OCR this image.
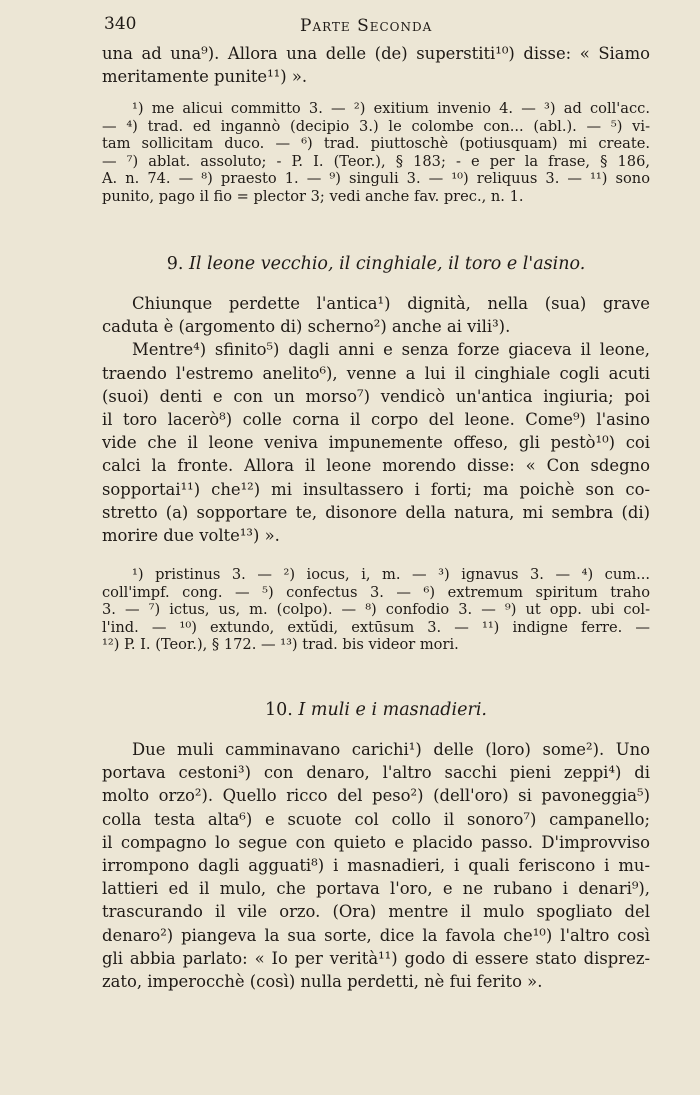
340	Parte Seconda
una ad una⁹). Allora una delle (de) superstiti¹⁰) disse: « Siamo
meritamente punite¹¹) ».
¹) me alicui committo 3. — ²) exitium invenio 4. — ³) ad coll'acc.
— ⁴) trad. ed ingannò (decipio 3.) le colombe con... (abl.). — ⁵) vi-
tam sollicitam duco. — ⁶) trad. piuttoschè (potiusquam) mi create.
— ⁷) ablat. assoluto; - P. I. (Teor.), § 183; - e per la frase, § 186,
A. n. 74. — ⁸) praesto 1. — ⁹) singuli 3. — ¹⁰) reliquus 3. — ¹¹) sono
punito, pago il fio = plector 3; vedi anche fav. prec., n. 1.
9. Il leone vecchio, il cinghiale, il toro e l'asino.
Chiunque perdette l'antica¹) dignità, nella (sua) grave
caduta è (argomento di) scherno²) anche ai vili³).
Mentre⁴) sfinito⁵) dagli anni e senza forze giaceva il leone,
traendo l'estremo anelito⁶), venne a lui il cinghiale cogli acuti
(suoi) denti e con un morso⁷) vendicò un'antica ingiuria; poi
il toro lacerò⁸) colle corna il corpo del leone. Come⁹) l'asino
vide che il leone veniva impunemente offeso, gli pestò¹⁰) coi
calci la fronte. Allora il leone morendo disse: « Con sdegno
sopportai¹¹) che¹²) mi insultassero i forti; ma poichè son co-
stretto (a) sopportare te, disonore della natura, mi sembra (di)
morire due volte¹³) ».
¹) pristinus 3. — ²) iocus, i, m. — ³) ignavus 3. — ⁴) cum...
coll'impf. cong. — ⁵) confectus 3. — ⁶) extremum spiritum traho
3. — ⁷) ictus, us, m. (colpo). — ⁸) confodio 3. — ⁹) ut opp. ubi col-
l'ind. — ¹⁰) extundo, extŭdi, extūsum 3. — ¹¹) indigne ferre. —
¹²) P. I. (Teor.), § 172. — ¹³) trad. bis videor mori.
10. I muli e i masnadieri.
Due muli camminavano carichi¹) delle (loro) some²). Uno
portava cestoni³) con denaro, l'altro sacchi pieni zeppi⁴) di
molto orzo²). Quello ricco del peso²) (dell'oro) si pavoneggia⁵)
colla testa alta⁶) e scuote col collo il sonoro⁷) campanello;
il compagno lo segue con quieto e placido passo. D'improvviso
irrompono dagli agguati⁸) i masnadieri, i quali feriscono i mu-
lattieri ed il mulo, che portava l'oro, e ne rubano i denari⁹),
trascurando il vile orzo. (Ora) mentre il mulo spogliato del
denaro²) piangeva la sua sorte, dice la favola che¹⁰) l'altro così
gli abbia parlato: « Io per verità¹¹) godo di essere stato disprez-
zato, imperocchè (così) nulla perdetti, nè fui ferito ».
